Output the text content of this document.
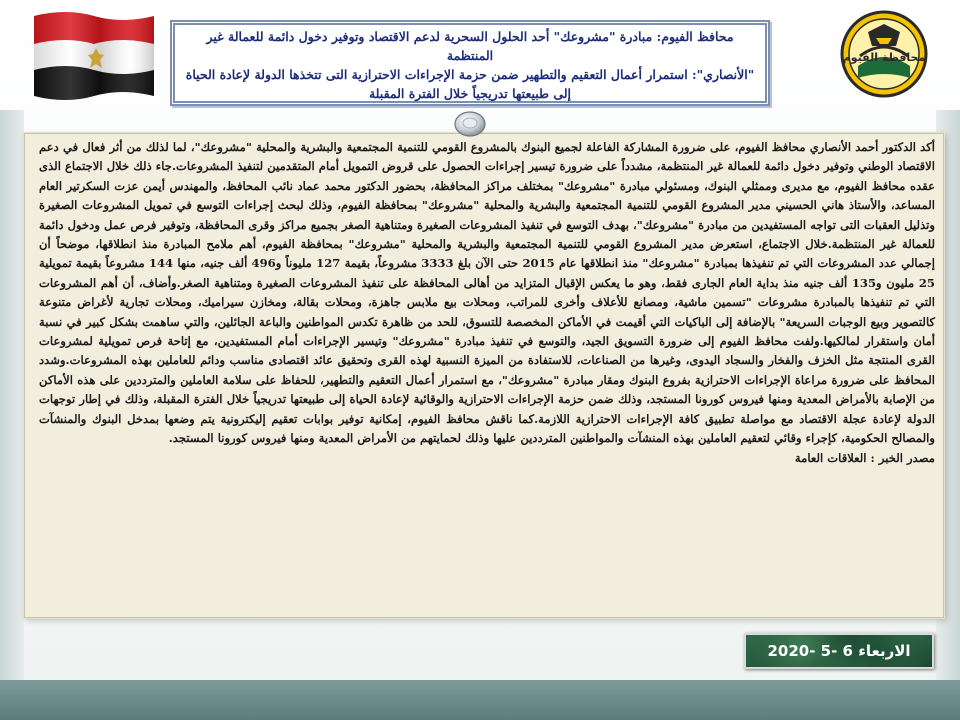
محافظة الفيوم

محافظ الفيوم: مبادرة "مشروعك" أحد الحلول السحرية لدعم الاقتصاد وتوفير دخول دائمة للعمالة غير المنتظمة

"الأنصاري": استمرار أعمال التعقيم والتطهير ضمن حزمة الإجراءات الاحترازية التى تتخذها الدولة لإعادة الحياة إلى طبيعتها تدريجياً خلال الفترة المقبلة

أكد الدكتور أحمد الأنصاري محافظ الفيوم، على ضرورة المشاركة الفاعلة لجميع البنوك بالمشروع القومي للتنمية المجتمعية والبشرية والمحلية "مشروعك"، لما لذلك من أثر فعال في دعم الاقتصاد الوطني وتوفير دخول دائمة للعمالة غير المنتظمة، مشدداً على ضرورة تيسير إجراءات الحصول على قروض التمويل أمام المتقدمين لتنفيذ المشروعات.جاء ذلك خلال الاجتماع الذى عقده محافظ الفيوم، مع مديرى وممثلي البنوك، ومسئولي مبادرة "مشروعك" بمختلف مراكز المحافظة، بحضور الدكتور محمد عماد نائب المحافظ، والمهندس أيمن عزت السكرتير العام المساعد، والأستاذ هاني الحسيني مدير المشروع القومي للتنمية المجتمعية والبشرية والمحلية "مشروعك" بمحافظة الفيوم، وذلك لبحث إجراءات التوسع في تمويل المشروعات الصغيرة وتذليل العقبات التى تواجه المستفيدين من مبادرة "مشروعك"، بهدف التوسع في تنفيذ المشروعات الصغيرة ومتناهية الصغر بجميع مراكز وقرى المحافظة، وتوفير فرص عمل ودخول دائمة للعمالة غير المنتظمة.خلال الاجتماع، استعرض مدير المشروع القومي للتنمية المجتمعية والبشرية والمحلية "مشروعك" بمحافظة الفيوم، أهم ملامح المبادرة منذ انطلاقها، موضحاً أن إجمالي عدد المشروعات التي تم تنفيذها بمبادرة "مشروعك" منذ انطلاقها عام 2015 حتى الآن بلغ 3333 مشروعاً، بقيمة 127 مليوناً و496 ألف جنيه، منها 144 مشروعاً بقيمة تمويلية 25 مليون و135 ألف جنيه منذ بداية العام الجارى فقط، وهو ما يعكس الإقبال المتزايد من أهالى المحافظة على تنفيذ المشروعات الصغيرة ومتناهية الصغر.وأضاف، أن أهم المشروعات التي تم تنفيذها بالمبادرة مشروعات "تسمين ماشية، ومصانع للأعلاف وأخرى للمراتب، ومحلات بيع ملابس جاهزة، ومحلات بقالة، ومخازن سيراميك، ومحلات تجارية لأغراض متنوعة كالتصوير وبيع الوجبات السريعة" بالإضافة إلى الباكيات التي أقيمت في الأماكن المخصصة للتسوق، للحد من ظاهرة تكدس المواطنين والباعة الجائلين، والتي ساهمت بشكل كبير في نسبة أمان واستقرار لمالكيها.ولفت محافظ الفيوم إلى ضرورة التسويق الجيد، والتوسع في تنفيذ مبادرة "مشروعك" وتيسير الإجراءات أمام المستفيدين، مع إتاحة فرص تمويلية لمشروعات القرى المنتجة مثل الخزف والفخار والسجاد اليدوى، وغيرها من الصناعات، للاستفادة من الميزة النسبية لهذه القرى وتحقيق عائد اقتصادى مناسب ودائم للعاملين بهذه المشروعات.وشدد المحافظ على ضرورة مراعاة الإجراءات الاحترازية بفروع البنوك ومقار مبادرة "مشروعك"، مع استمرار أعمال التعقيم والتطهير، للحفاظ على سلامة العاملين والمترددين على هذه الأماكن من الإصابة بالأمراض المعدية ومنها فيروس كورونا المستجد، وذلك ضمن حزمة الإجراءات الاحترازية والوقائية لإعادة الحياة إلى طبيعتها تدريجياً خلال الفترة المقبلة، وذلك في إطار توجهات الدولة لإعادة عجلة الاقتصاد مع مواصلة تطبيق كافة الإجراءات الاحترازية اللازمة.كما ناقش محافظ الفيوم، إمكانية توفير بوابات تعقيم إليكترونية يتم وضعها بمدخل البنوك والمنشآت والمصالح الحكومية، كإجراء وقائي لتعقيم العاملين بهذه المنشآت والمواطنين المترددين عليها وذلك لحمايتهم من الأمراض المعدية ومنها فيروس كورونا المستجد.
مصدر الخبر : العلاقات العامة
الاربعاء 6 -5 -2020
